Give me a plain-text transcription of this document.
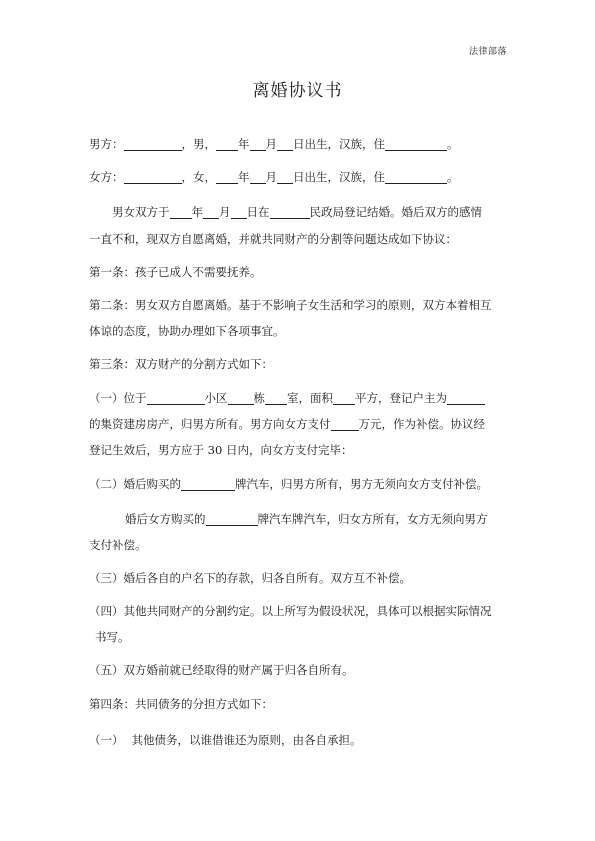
法律部落
离婚协议书
男方：	，男， 年 月 日出生，汉族，住	。
女方：	，女， 年 月 日出生，汉族，住	。
男女双方于 年 月 日在	民政局登记结婚。婚后双方的感情
一直不和，现双方自愿离婚，并就共同财产的分割等问题达成如下协议：
第一条：孩子已成人不需要抚养。
第二条：男女双方自愿离婚。基于不影响子女生活和学习的原则，双方本着相互
体谅的态度，协助办理如下各项事宜。
第三条：双方财产的分割方式如下：
（一）位于	小区 栋 室，面积 平方，登记户主为
的集资建房房产，归男方所有。男方向女方支付 万元，作为补偿。协议经
登记生效后，男方应于 30 日内，向女方支付完毕：
（二）婚后购买的	牌汽车，归男方所有，男方无须向女方支付补偿。
婚后女方购买的	牌汽车牌汽车，归女方所有，女方无须向男方
支付补偿。
（三）婚后各自的户名下的存款，归各自所有。双方互不补偿。
（四）其他共同财产的分割约定。以上所写为假设状况，具体可以根据实际情况
书写。
（五）双方婚前就已经取得的财产属于归各自所有。
第四条：共同债务的分担方式如下：
（一） 其他债务，以谁借谁还为原则，由各自承担。
